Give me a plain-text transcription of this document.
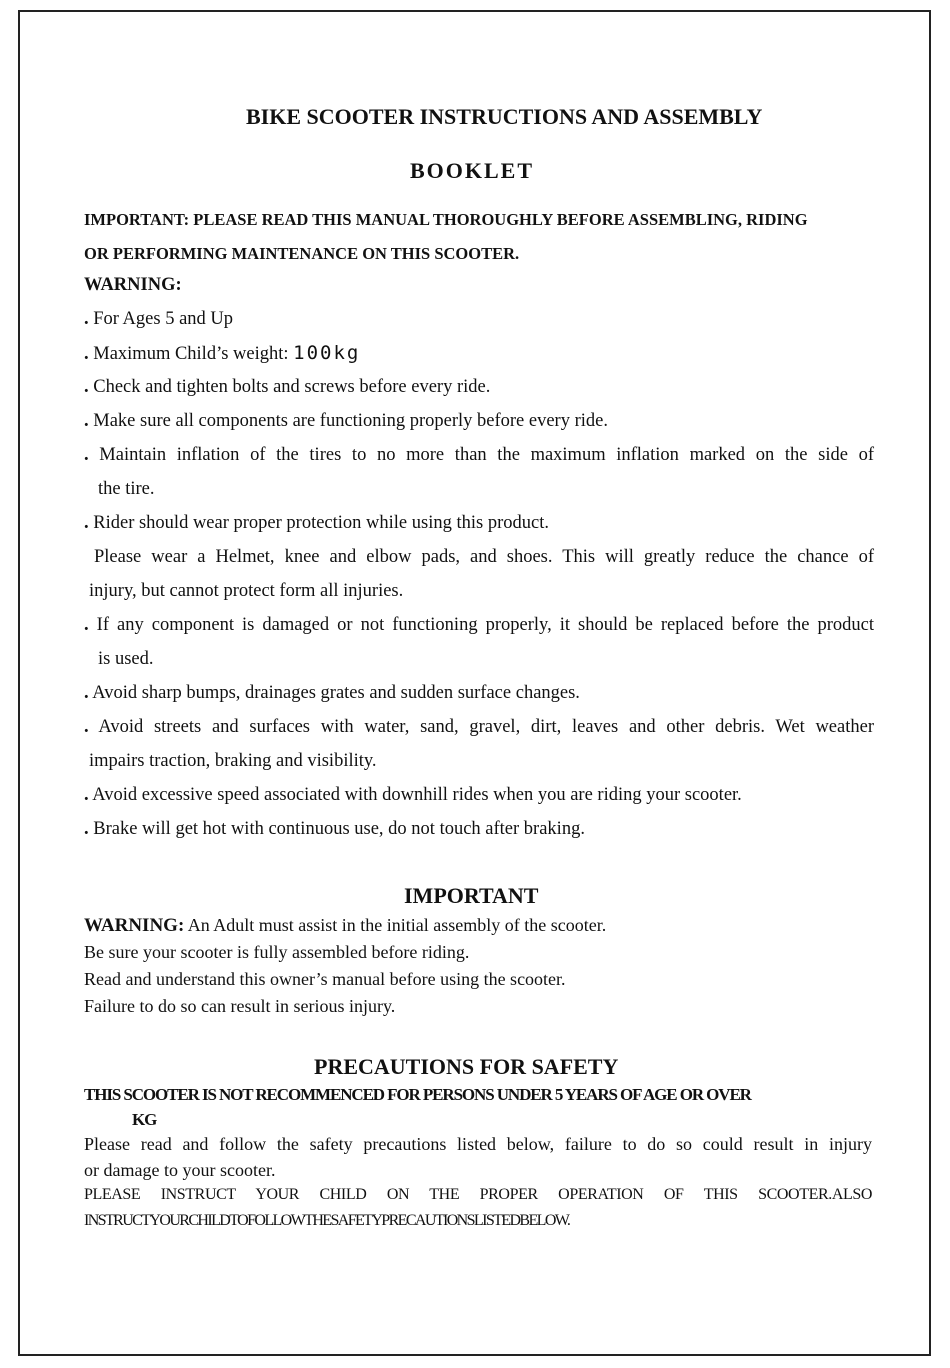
BIKE SCOOTER INSTRUCTIONS AND ASSEMBLY
BOOKLET

IMPORTANT: PLEASE READ THIS MANUAL THOROUGHLY BEFORE ASSEMBLING, RIDING

OR PERFORMING MAINTENANCE ON THIS SCOOTER.

WARNING:

. For Ages 5 and Up

. Maximum Child’s weight: 100kg

. Check and tighten bolts and screws before every ride.

. Make sure all components are functioning properly before every ride.

. Maintain inflation of the tires to no more than the maximum inflation marked on the side of

the tire.

. Rider should wear proper protection while using this product.

Please wear a Helmet, knee and elbow pads, and shoes. This will greatly reduce the chance of

injury, but cannot protect form all injuries.

. If any component is damaged or not functioning properly, it should be replaced before the product

is used.

. Avoid sharp bumps, drainages grates and sudden surface changes.

. Avoid streets and surfaces with water, sand, gravel, dirt, leaves and other debris. Wet weather

impairs traction, braking and visibility.

. Avoid excessive speed associated with downhill rides when you are riding your scooter.

. Brake will get hot with continuous use, do not touch after braking.

IMPORTANT

WARNING: An Adult must assist in the initial assembly of the scooter.

Be sure your scooter is fully assembled before riding.

Read and understand this owner’s manual before using the scooter.

Failure to do so can result in serious injury.

PRECAUTIONS FOR SAFETY

THIS SCOOTER IS NOT RECOMMENCED FOR PERSONS UNDER 5 YEARS OF AGE OR OVER

KG

Please read and follow the safety precautions listed below, failure to do so could result in injury

or damage to your scooter.

PLEASE INSTRUCT YOUR CHILD ON THE PROPER OPERATION OF THIS SCOOTER.ALSO

INSTRUCTYOURCHILDTOFOLLOWTHESAFETYPRECAUTIONSLISTEDBELOW.
